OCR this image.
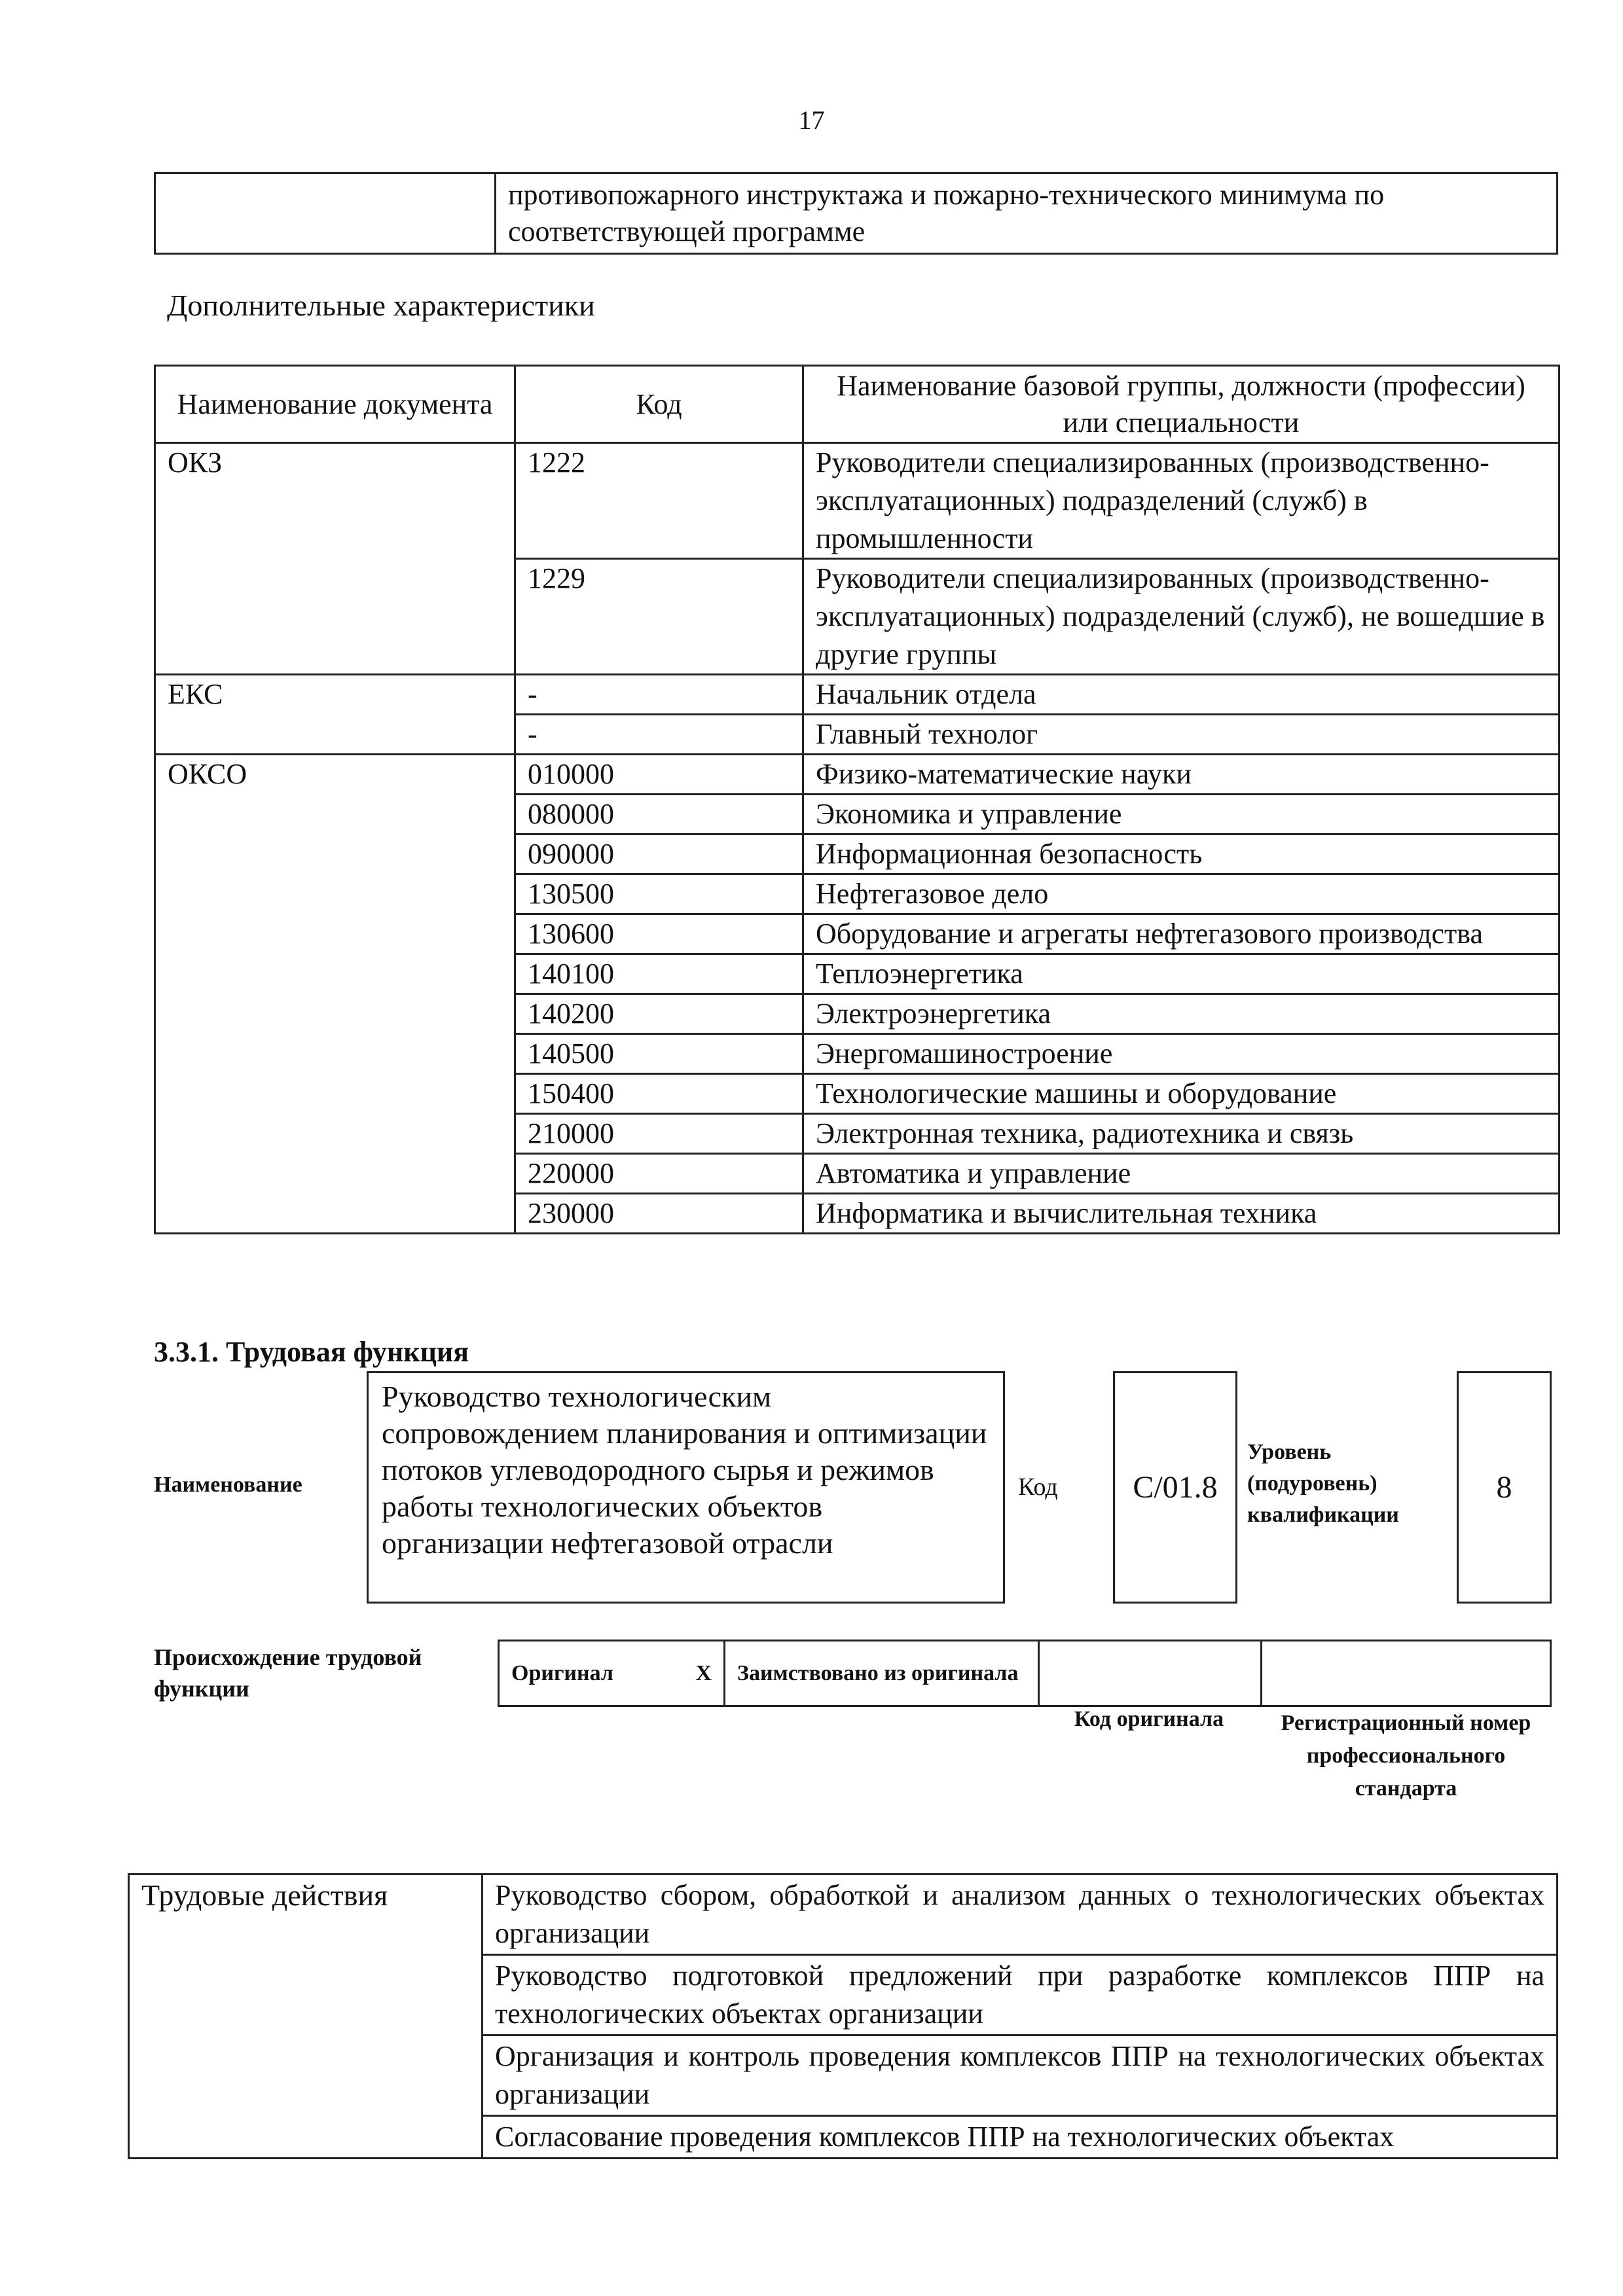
17
	противопожарного инструктажа и пожарно-технического минимума по соответствующей программе
Дополнительные характеристики
Наименование документа	Код	Наименование базовой группы, должности (профессии) или специальности
ОКЗ	1222	Руководители специализированных (производственно-эксплуатационных) подразделений (служб) в промышленности
	1229	Руководители специализированных (производственно-эксплуатационных) подразделений (служб), не вошедшие в другие группы
ЕКС	-	Начальник отдела
	-	Главный технолог
ОКСО	010000	Физико-математические науки
	080000	Экономика и управление
	090000	Информационная безопасность
	130500	Нефтегазовое дело
	130600	Оборудование и агрегаты нефтегазового производства
	140100	Теплоэнергетика
	140200	Электроэнергетика
	140500	Энергомашиностроение
	150400	Технологические машины и оборудование
	210000	Электронная техника, радиотехника и связь
	220000	Автоматика и управление
	230000	Информатика и вычислительная техника
3.3.1. Трудовая функция
Наименование
Руководство технологическим сопровождением планирования и оптимизации потоков углеводородного сырья и режимов работы технологических объектов организации нефтегазовой отрасли
Код	С/01.8
Уровень (подуровень) квалификации
8
Происхождение трудовой функции
Оригинал	X	Заимствовано из оригинала		
Код оригинала	Регистрационный номер профессионального стандарта
Трудовые действия	Руководство сбором, обработкой и анализом данных о технологических объектах организации
Руководство подготовкой предложений при разработке комплексов ППР на технологических объектах организации
Организация и контроль проведения комплексов ППР на технологических объектах организации
Согласование проведения комплексов ППР на технологических объектах
